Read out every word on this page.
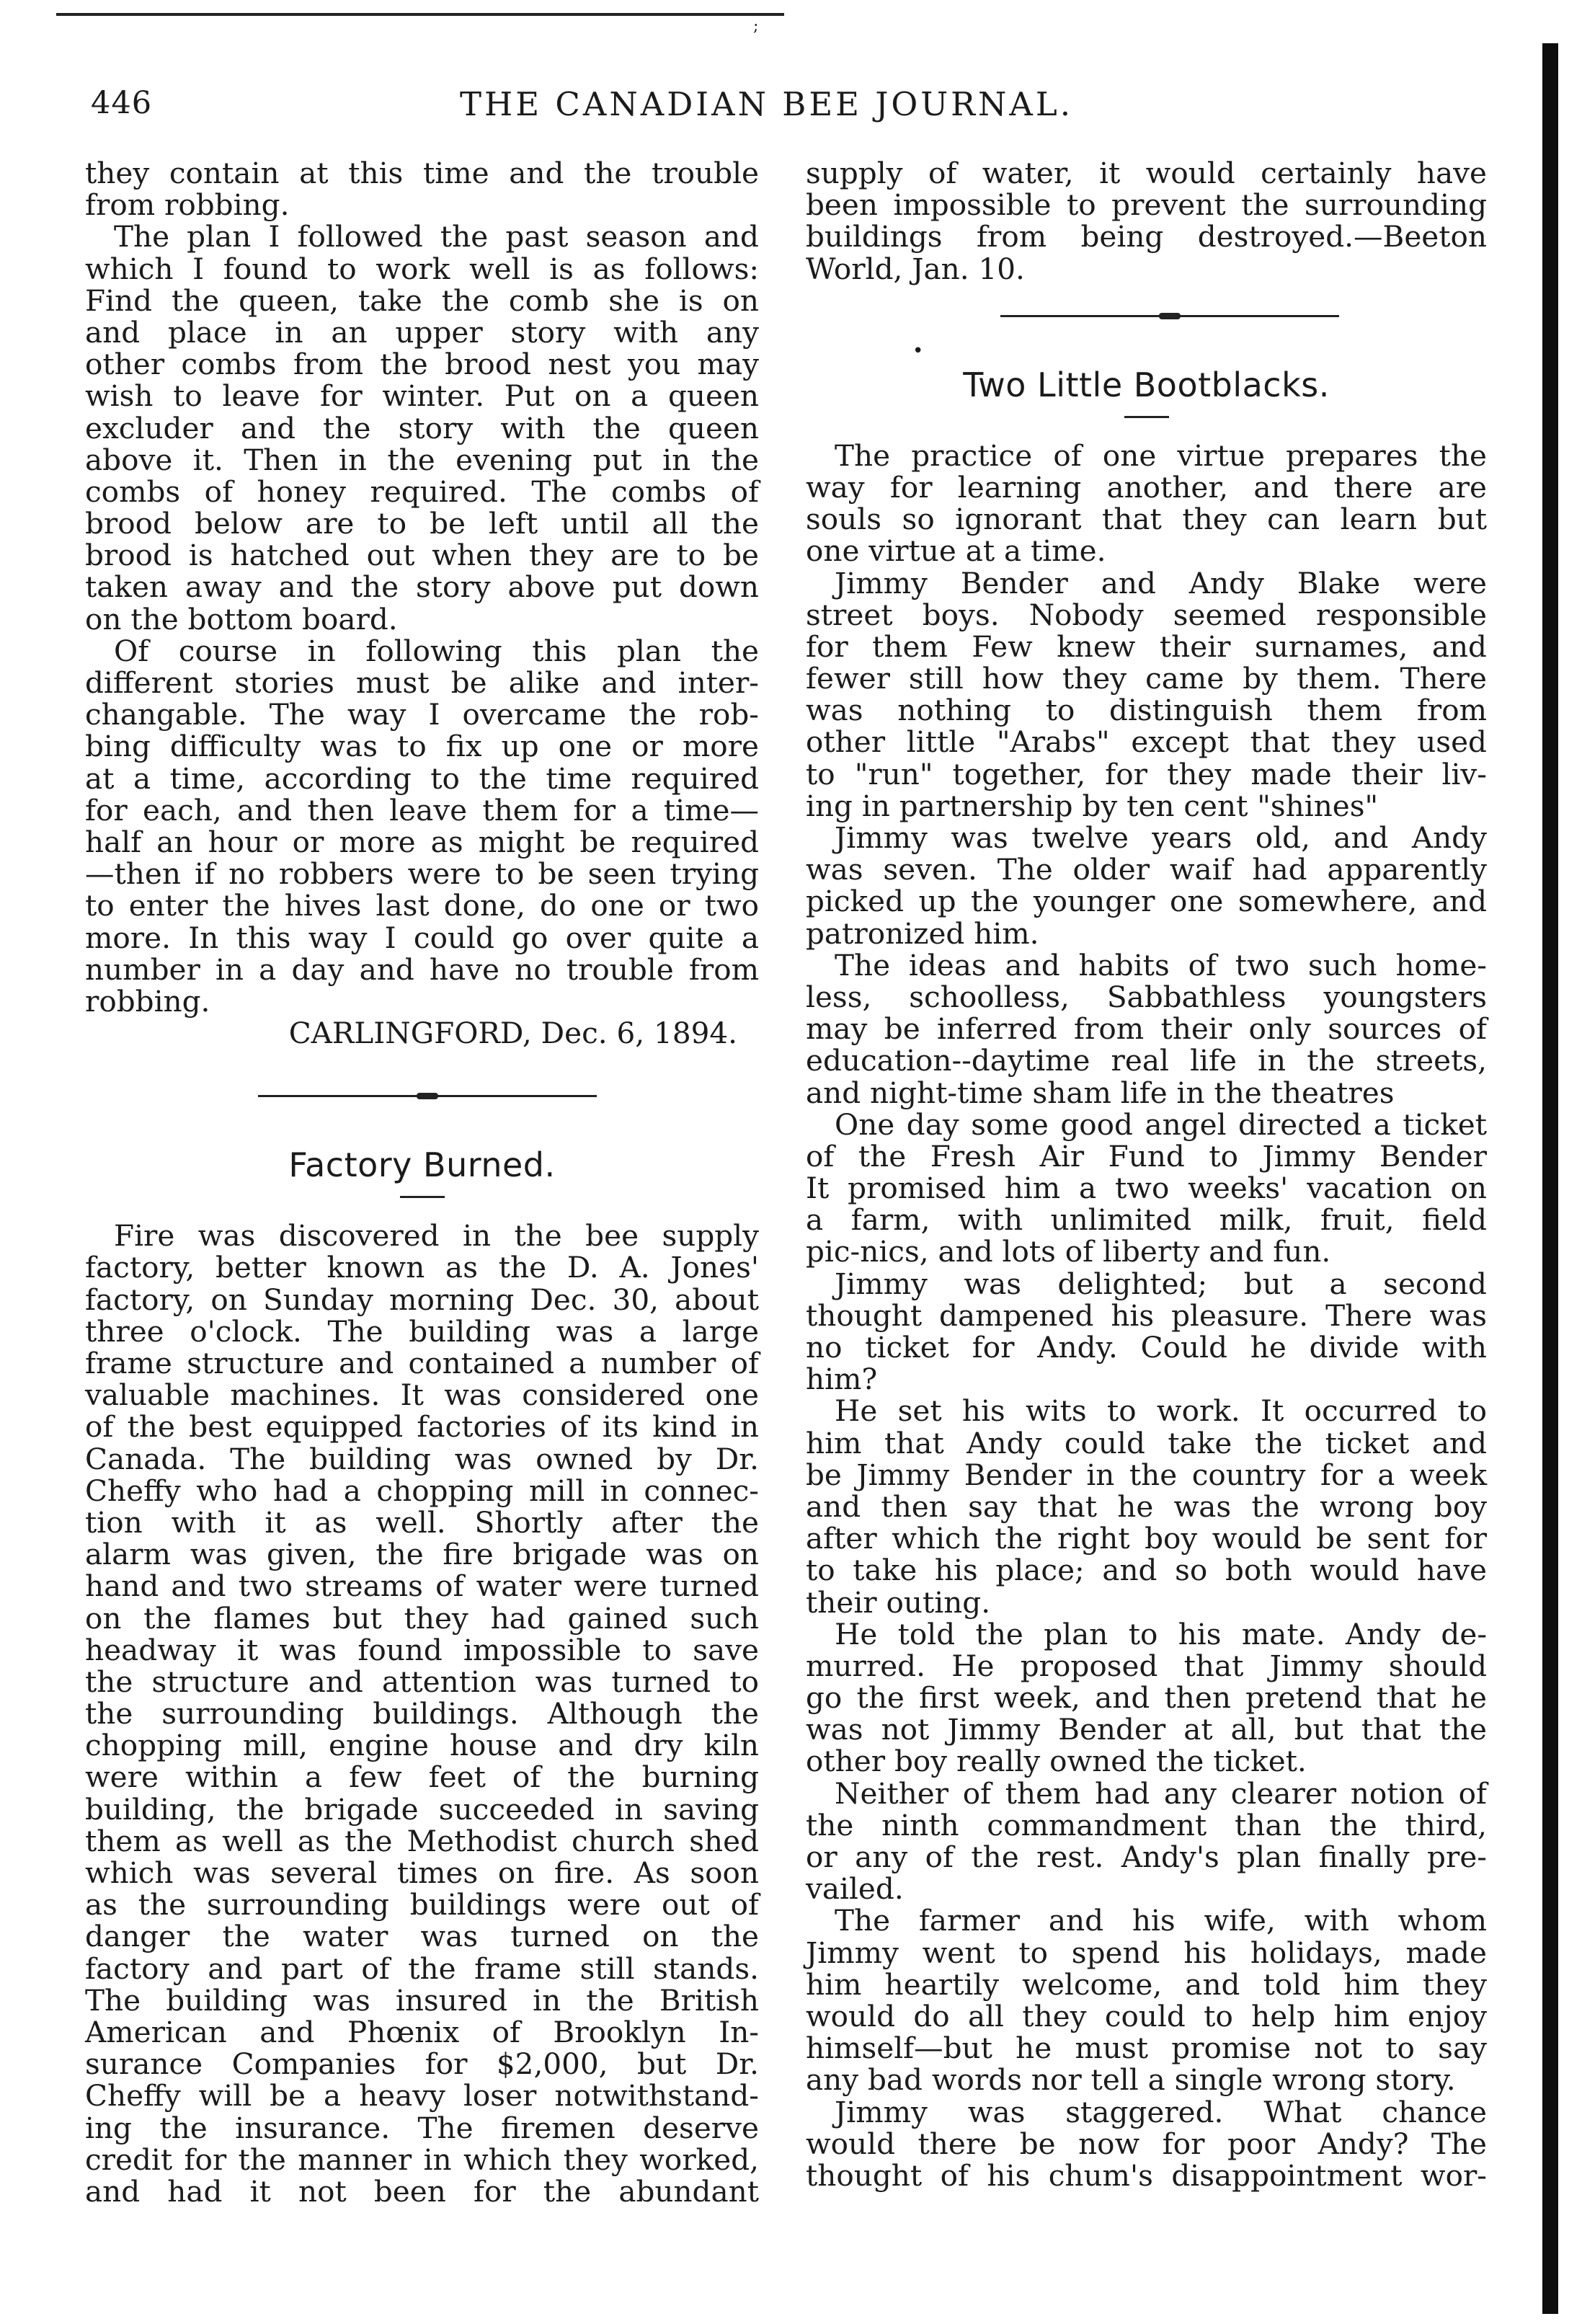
;
446	THE CANADIAN BEE JOURNAL.
they contain at this time and the trouble
from robbing.
The plan I followed the past season and
which I found to work well is as follows:
Find the queen, take the comb she is on
and place in an upper story with any
other combs from the brood nest you may
wish to leave for winter. Put on a queen
excluder and the story with the queen
above it. Then in the evening put in the
combs of honey required. The combs of
brood below are to be left until all the
brood is hatched out when they are to be
taken away and the story above put down
on the bottom board.
Of course in following this plan the
different stories must be alike and inter-
changable. The way I overcame the rob-
bing difficulty was to fix up one or more
at a time, according to the time required
for each, and then leave them for a time—
half an hour or more as might be required
—then if no robbers were to be seen trying
to enter the hives last done, do one or two
more. In this way I could go over quite a
number in a day and have no trouble from
robbing.
CARLINGFORD, Dec. 6, 1894.
Factory Burned.
Fire was discovered in the bee supply
factory, better known as the D. A. Jones'
factory, on Sunday morning Dec. 30, about
three o'clock. The building was a large
frame structure and contained a number of
valuable machines. It was considered one
of the best equipped factories of its kind in
Canada. The building was owned by Dr.
Cheffy who had a chopping mill in connec-
tion with it as well. Shortly after the
alarm was given, the fire brigade was on
hand and two streams of water were turned
on the flames but they had gained such
headway it was found impossible to save
the structure and attention was turned to
the surrounding buildings. Although the
chopping mill, engine house and dry kiln
were within a few feet of the burning
building, the brigade succeeded in saving
them as well as the Methodist church shed
which was several times on fire. As soon
as the surrounding buildings were out of
danger the water was turned on the
factory and part of the frame still stands.
The building was insured in the British
American and Phœnix of Brooklyn In-
surance Companies for $2,000, but Dr.
Cheffy will be a heavy loser notwithstand-
ing the insurance. The firemen deserve
credit for the manner in which they worked,
and had it not been for the abundant
supply of water, it would certainly have
been impossible to prevent the surrounding
buildings from being destroyed.—Beeton
World, Jan. 10.
Two Little Bootblacks.
The practice of one virtue prepares the
way for learning another, and there are
souls so ignorant that they can learn but
one virtue at a time.
Jimmy Bender and Andy Blake were
street boys. Nobody seemed responsible
for them Few knew their surnames, and
fewer still how they came by them. There
was nothing to distinguish them from
other little "Arabs" except that they used
to "run" together, for they made their liv-
ing in partnership by ten cent "shines"
Jimmy was twelve years old, and Andy
was seven. The older waif had apparently
picked up the younger one somewhere, and
patronized him.
The ideas and habits of two such home-
less, schoolless, Sabbathless youngsters
may be inferred from their only sources of
education--daytime real life in the streets,
and night-time sham life in the theatres
One day some good angel directed a ticket
of the Fresh Air Fund to Jimmy Bender
It promised him a two weeks' vacation on
a farm, with unlimited milk, fruit, field
pic-nics, and lots of liberty and fun.
Jimmy was delighted; but a second
thought dampened his pleasure. There was
no ticket for Andy. Could he divide with
him?
He set his wits to work. It occurred to
him that Andy could take the ticket and
be Jimmy Bender in the country for a week
and then say that he was the wrong boy
after which the right boy would be sent for
to take his place; and so both would have
their outing.
He told the plan to his mate. Andy de-
murred. He proposed that Jimmy should
go the first week, and then pretend that he
was not Jimmy Bender at all, but that the
other boy really owned the ticket.
Neither of them had any clearer notion of
the ninth commandment than the third,
or any of the rest. Andy's plan finally pre-
vailed.
The farmer and his wife, with whom
Jimmy went to spend his holidays, made
him heartily welcome, and told him they
would do all they could to help him enjoy
himself—but he must promise not to say
any bad words nor tell a single wrong story.
Jimmy was staggered. What chance
would there be now for poor Andy? The
thought of his chum's disappointment wor-
•
